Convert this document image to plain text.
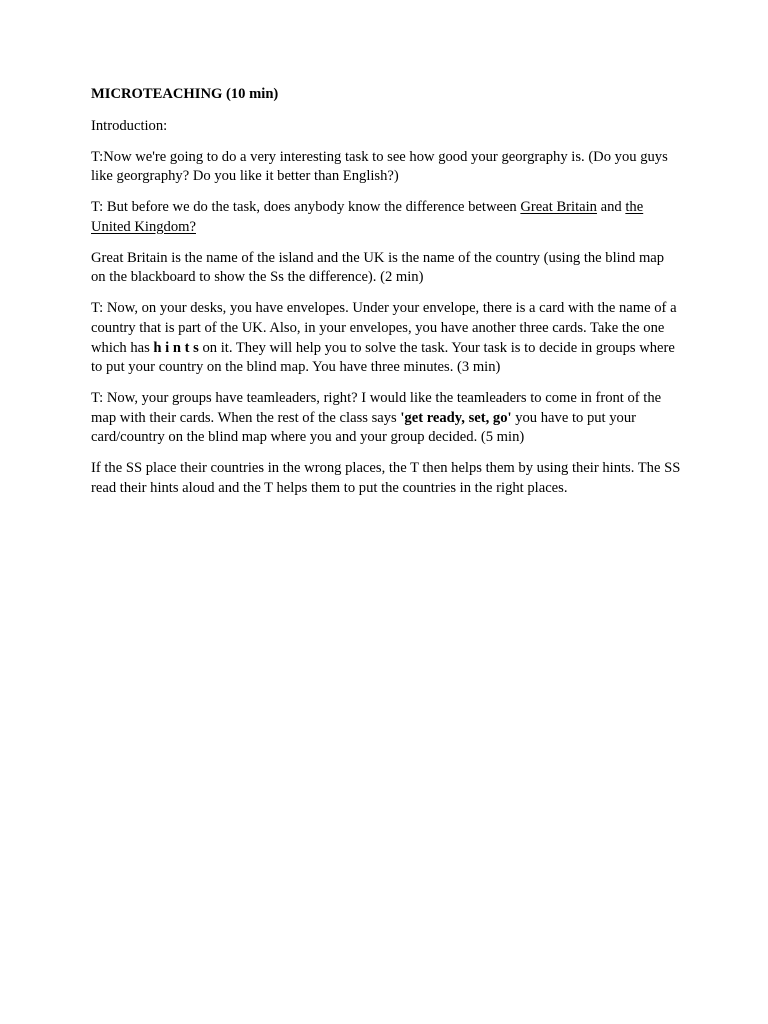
MICROTEACHING (10 min)

Introduction:

T:Now we're going to do a very interesting task to see how good your georgraphy is. (Do you guys like georgraphy? Do you like it better than English?)

T: But before we do the task, does anybody know the difference between Great Britain and the United Kingdom?

Great Britain is the name of the island and the UK is the name of the country (using the blind map on the blackboard to show the Ss the difference). (2 min)

T: Now, on your desks, you have envelopes. Under your envelope, there is a card with the name of a country that is part of the UK. Also, in your envelopes, you have another three cards. Take the one which has h i n t s on it. They will help you to solve the task. Your task is to decide in groups where to put your country on the blind map. You have three minutes. (3 min)

T: Now, your groups have teamleaders, right? I would like the teamleaders to come in front of the map with their cards. When the rest of the class says 'get ready, set, go' you have to put your card/country on the blind map where you and your group decided. (5 min)

If the SS place their countries in the wrong places, the T then helps them by using their hints. The SS read their hints aloud and the T helps them to put the countries in the right places.
